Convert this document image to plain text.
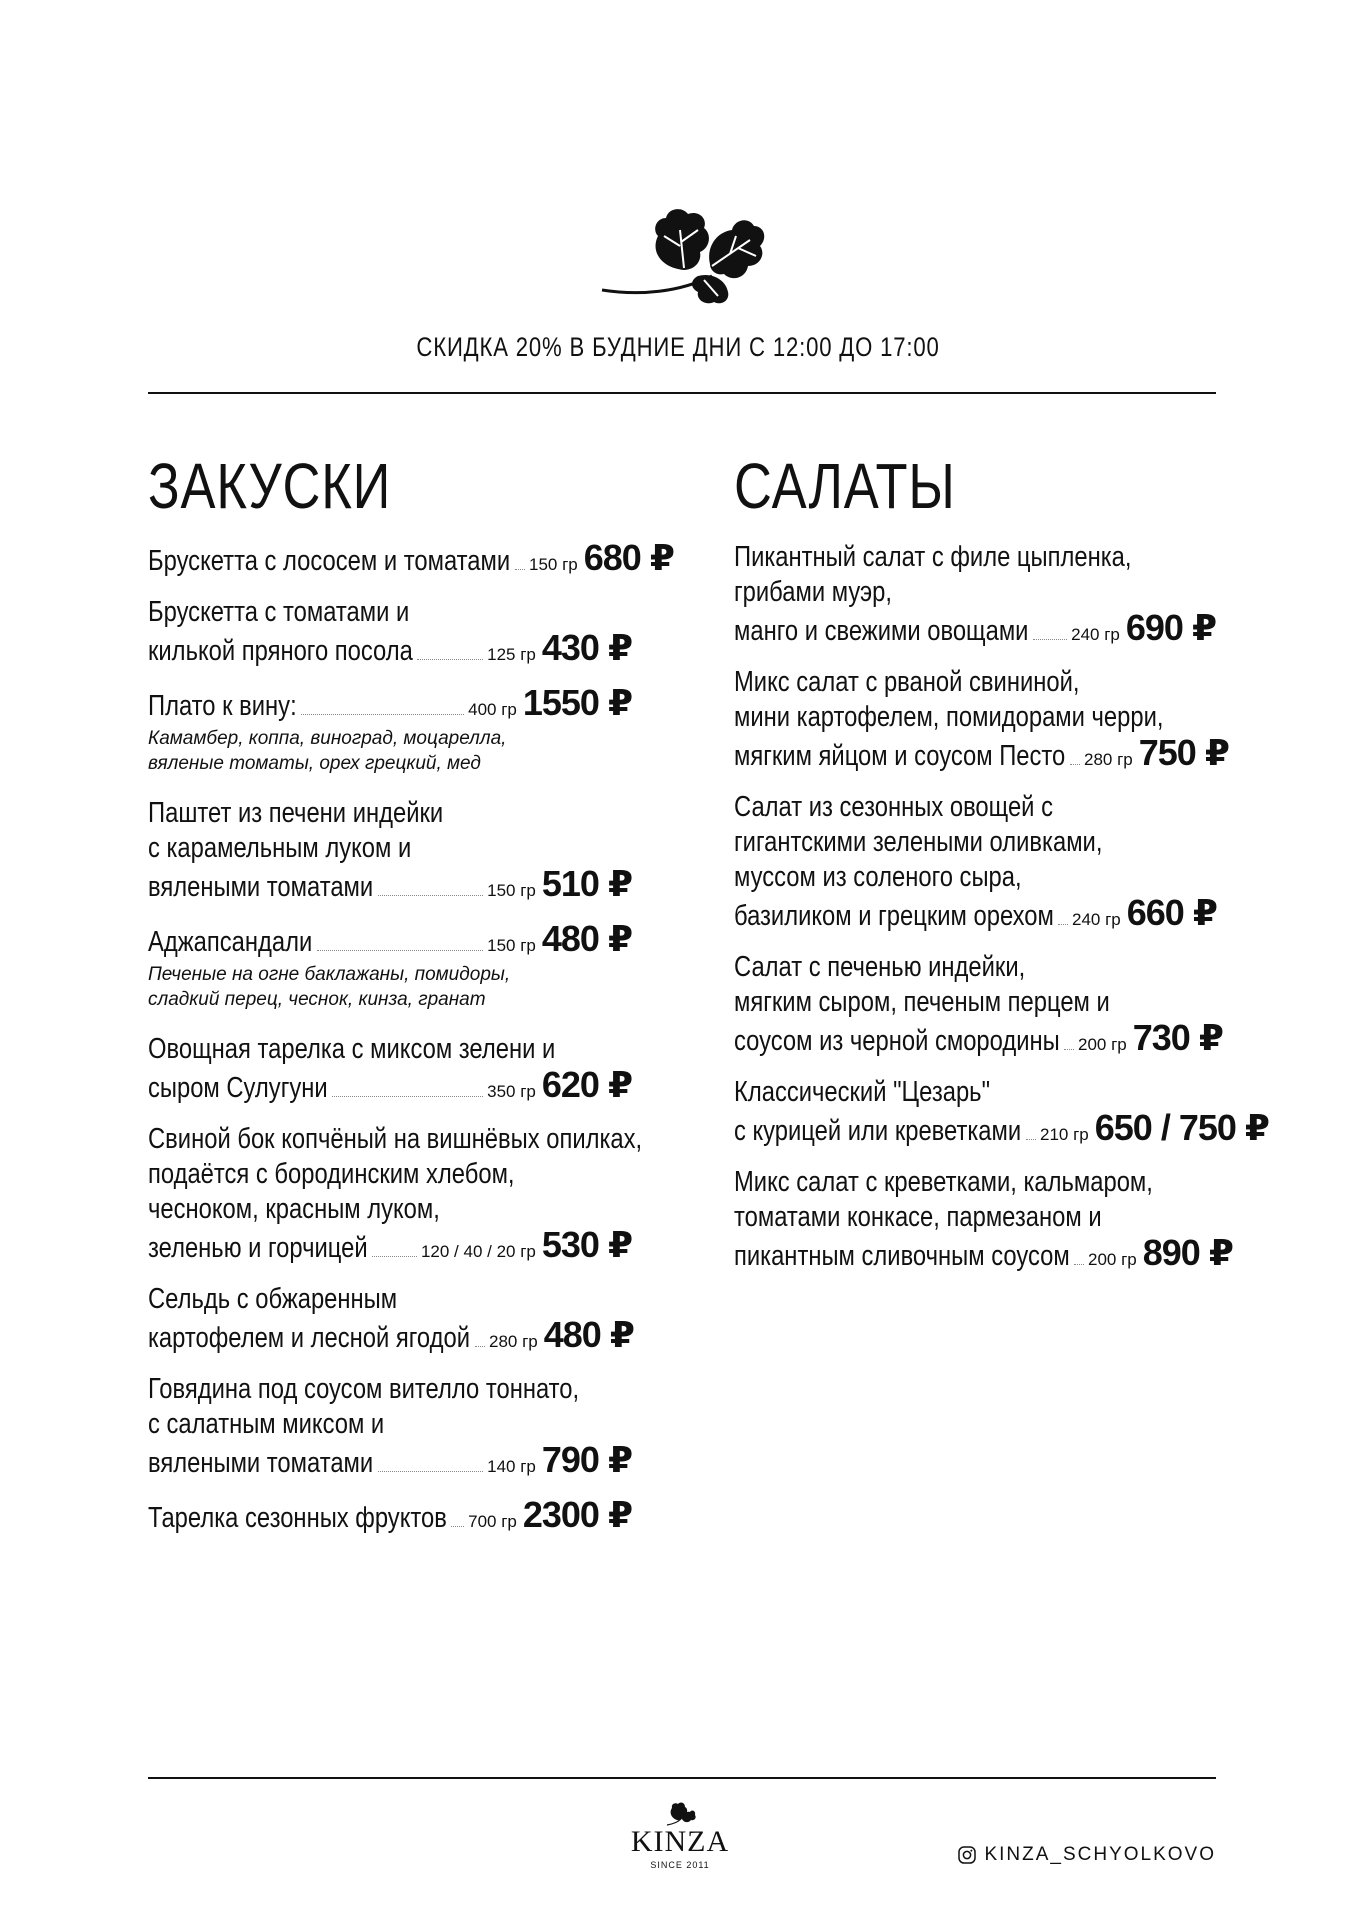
СКИДКА 20% В БУДНИЕ ДНИ С 12:00 ДО 17:00
ЗАКУСКИ
Брускетта с лососем и томатами 150 гр 680 ₽
Брускетта с томатами и
килькой пряного посола	125 гр 430 ₽
Плато к вину:	400 гр 1550 ₽
Камамбер, коппа, виноград, моцарелла,
вяленые томаты, орех грецкий, мед
Паштет из печени индейки
с карамельным луком и
вялеными томатами	150 гр 510 ₽
Аджапсандали	150 гр 480 ₽
Печеные на огне баклажаны, помидоры,
сладкий перец, чеснок, кинза, гранат
Овощная тарелка с миксом зелени и
сыром Сулугуни	350 гр 620 ₽
Свиной бок копчёный на вишнёвых опилках,
подаётся с бородинским хлебом,
чесноком, красным луком,
зеленью и горчицей	120 / 40 / 20 гр 530 ₽
Сельдь с обжаренным
картофелем и лесной ягодой 280 гр 480 ₽
Говядина под соусом вителло тоннато,
с салатным миксом и
вялеными томатами	140 гр 790 ₽
Тарелка сезонных фруктов 700 гр 2300 ₽
САЛАТЫ
Пикантный салат с филе цыпленка,
грибами муэр,
манго и свежими овощами	240 гр 690 ₽
Микс салат с рваной свининой,
мини картофелем, помидорами черри,
мягким яйцом и соусом Песто 280 гр 750 ₽
Салат из сезонных овощей с
гигантскими зелеными оливками,
муссом из соленого сыра,
базиликом и грецким орехом 240 гр 660 ₽
Салат с печенью индейки,
мягким сыром, печеным перцем и
соусом из черной смородины 200 гр 730 ₽
Классический "Цезарь"
с курицей или креветками 210 гр 650 / 750 ₽
Микс салат с креветками, кальмаром,
томатами конкасе, пармезаном и
пикантным сливочным соусом 200 гр 890 ₽
KINZA
SINCE 2011	KINZA_SCHYOLKOVO
